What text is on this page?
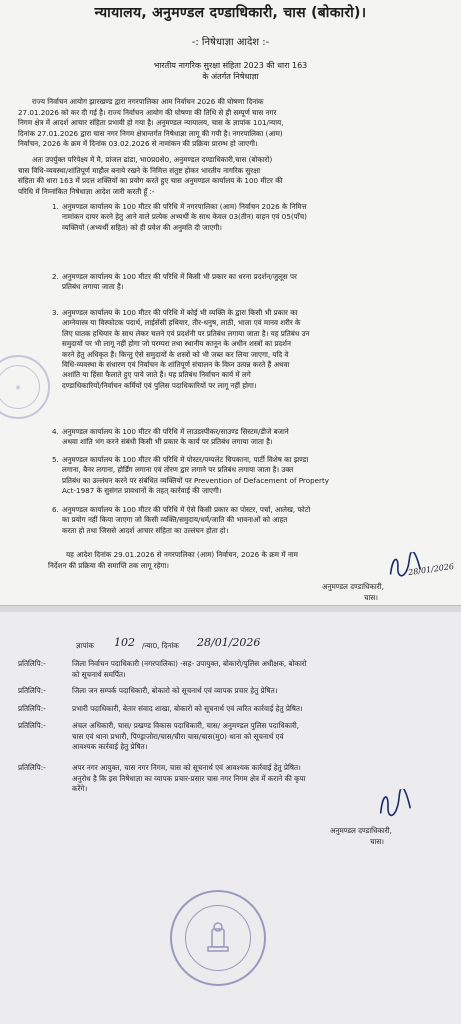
न्यायालय, अनुमण्डल दण्डाधिकारी, चास (बोकारो)।
-: निषेधाज्ञा आदेश :-
भारतीय नागरिक सुरक्षा संहिता 2023 की धारा 163
के अंतर्गत निषेधाज्ञा

राज्य निर्वाचन आयोग झारखण्ड द्वारा नगरपालिका आम निर्वाचन 2026 की घोषणा दिनांक

27.01.2026 को कर दी गई है। राज्य निर्वाचन आयोग की घोषणा की तिथि से ही सम्पूर्ण चास नगर

निगम क्षेत्र में आदर्श आचार संहिता प्रभावी हो गया है। अनुमण्डल न्यायालय, चास के ज्ञापांक 101/न्याय,

दिनांक 27.01.2026 द्वारा चास नगर निगम क्षेत्रान्तर्गत निषेधाज्ञा लागू की गयी है। नगरपालिका (आम)

निर्वाचन, 2026 के क्रम में दिनांक 03.02.2026 से नामांकन की प्रक्रिया प्रारम्भ हो जाएगी।

अतः उपर्युक्त परिपेक्ष्य में मै, प्रांजल ढांडा, भा0प्र0से0, अनुमण्डल दण्डाधिकारी,चास (बोकारो)

चास विधि-व्यवस्था/शांतिपूर्ण माहौल बनाये रखने के निमित्त संतुष्ट होकर भारतीय नागरिक सुरक्षा

संहिता की धारा 163 में प्रदत्त शक्तियों का प्रयोग करते हुए चास अनुमण्डल कार्यालय के 100 मीटर की

परिधि में निम्नांकित निषेधाज्ञा आदेश जारी करती हूँ :-

1. अनुमण्डल कार्यालय के 100 मीटर की परिधि में नगरपालिका (आम) निर्वाचन 2026 के निमित्त
नामांकन दायर करने हेतु आने वाले प्रत्येक अभ्यर्थी के साथ केवल 03(तीन) वाहन एवं 05(पाँच)
व्यक्तियों (अभ्यर्थी सहित) को ही प्रवेश की अनुमति दी जाएगी।
2. अनुमण्डल कार्यालय के 100 मीटर की परिधि में किसी भी प्रकार का धरना प्रदर्शन/जुलूस पर
प्रतिबंध लगाया जाता है।
3. अनुमण्डल कार्यालय के 100 मीटर की परिधि में कोई भी व्यक्ति के द्वारा किसी भी प्रकार का
आग्नेयास्त्र या विस्फोटक पदार्थ, लाईसेंसी हथियार, तीर-धनुष, लाठी, भाला एवं मानव शरीर के
लिए घातक हथियार के साथ लेकर चलने एवं प्रदर्शनी पर प्रतिबंध लगाया जाता है। यह प्रतिबंध उन
समुदायों पर भी लागू नहीं होगा जो परम्परा तथा स्थानीय कानून के अधीन शस्त्रों का प्रदर्शन
करने हेतु अधिकृत हैं। किन्तु ऐसे समुदायों के शस्त्रों को भी जब्त कर लिया जाएगा, यदि वे
विधि-व्यवस्था के संधारण एवं निर्वाचन के शांतिपूर्ण संचालन के विघ्न उत्पन्न करते हैं अथवा
अशांति या हिंसा फैलाते हुए पाये जाते हैं। यह प्रतिबंध निर्वाचन कार्य में लगे
दण्डाधिकारियों/निर्वाचन कर्मियों एवं पुलिस पदाधिकारियों पर लागू नहीं होगा।
4. अनुमण्डल कार्यालय के 100 मीटर की परिधि में लाउडस्पीकर/साउण्ड सिस्टम/डीजे बजाने
अथवा शांति भंग करने संबंधी किसी भी प्रकार के कार्य पर प्रतिबंध लगाया जाता है।
5. अनुमण्डल कार्यालय के 100 मीटर की परिधि में पोस्टर/पम्पलेट चिपकाना, पार्टी विशेष का झण्डा
लगाना, बैनर लगाना, होर्डिंग लगाना एवं तोरण द्वार लगाने पर प्रतिबंध लगाया जाता है। उक्त
प्रतिबंध का उल्लंघन करने पर संबंधित व्यक्तियों पर Prevention of Defacement of Property
Act-1987 के सुसंगत प्रावधानों के तहत् कार्रवाई की जाएगी।
6. अनुमण्डल कार्यालय के 100 मीटर की परिधि में ऐसे किसी प्रकार का पोस्टर, पर्चा, आलेख, फोटो
का प्रयोग नहीं किया जाएगा जो किसी व्यक्ति/समुदाय/धर्म/जाति की भावनाओं को आहत
करता हो तथा जिससे आदर्श आचार संहिता का उल्लंघन होता हो।

यह आदेश दिनांक 29.01.2026 से नगरपालिका (आम) निर्वाचन, 2026 के क्रम में नाम

निर्देशन की प्रक्रिया की समाप्ति तक लागू रहेगा।

◉
28/01/2026
अनुमण्डल दण्डाधिकारी,
चास।
ज्ञापांक 102 /न्या0, दिनांक 28/01/2026
प्रतिलिपि:-	जिला निर्वाचन पदाधिकारी (नगरपालिका) -सह- उपायुक्त, बोकारो/पुलिस अधीक्षक, बोकारो
को सूचनार्थ समर्पित।
प्रतिलिपि:-	जिला जन सम्पर्क पदाधिकारी, बोकारो को सूचनार्थ एवं व्यापक प्रचार हेतु प्रेषित।
प्रतिलिपि:-	प्रभारी पदाधिकारी, बेतार संवाद शाखा, बोकारो को सूचनार्थ एवं त्वरित कार्रवाई हेतु प्रेषित।
प्रतिलिपि:-	अंचल अधिकारी, चास/ प्रखण्ड विकास पदाधिकारी, चास/ अनुमण्डल पुलिस पदाधिकारी,
चास एवं थाना प्रभारी, पिण्ड्राजोरा/चास/चीरा चास/चास(मु0) थाना को सूचनार्थ एवं
आवश्यक कार्रवाई हेतु प्रेषित।
प्रतिलिपि:-	अपर नगर आयुक्त, चास नगर निगम, चास को सूचनार्थ एवं आवश्यक कार्रवाई हेतु प्रेषित।
अनुरोध है कि इस निषेधाज्ञा का व्यापक प्रचार-प्रसार चास नगर निगम क्षेत्र में कराने की कृपा
करेंगे।
अनुमण्डल दण्डाधिकारी,
चास।
